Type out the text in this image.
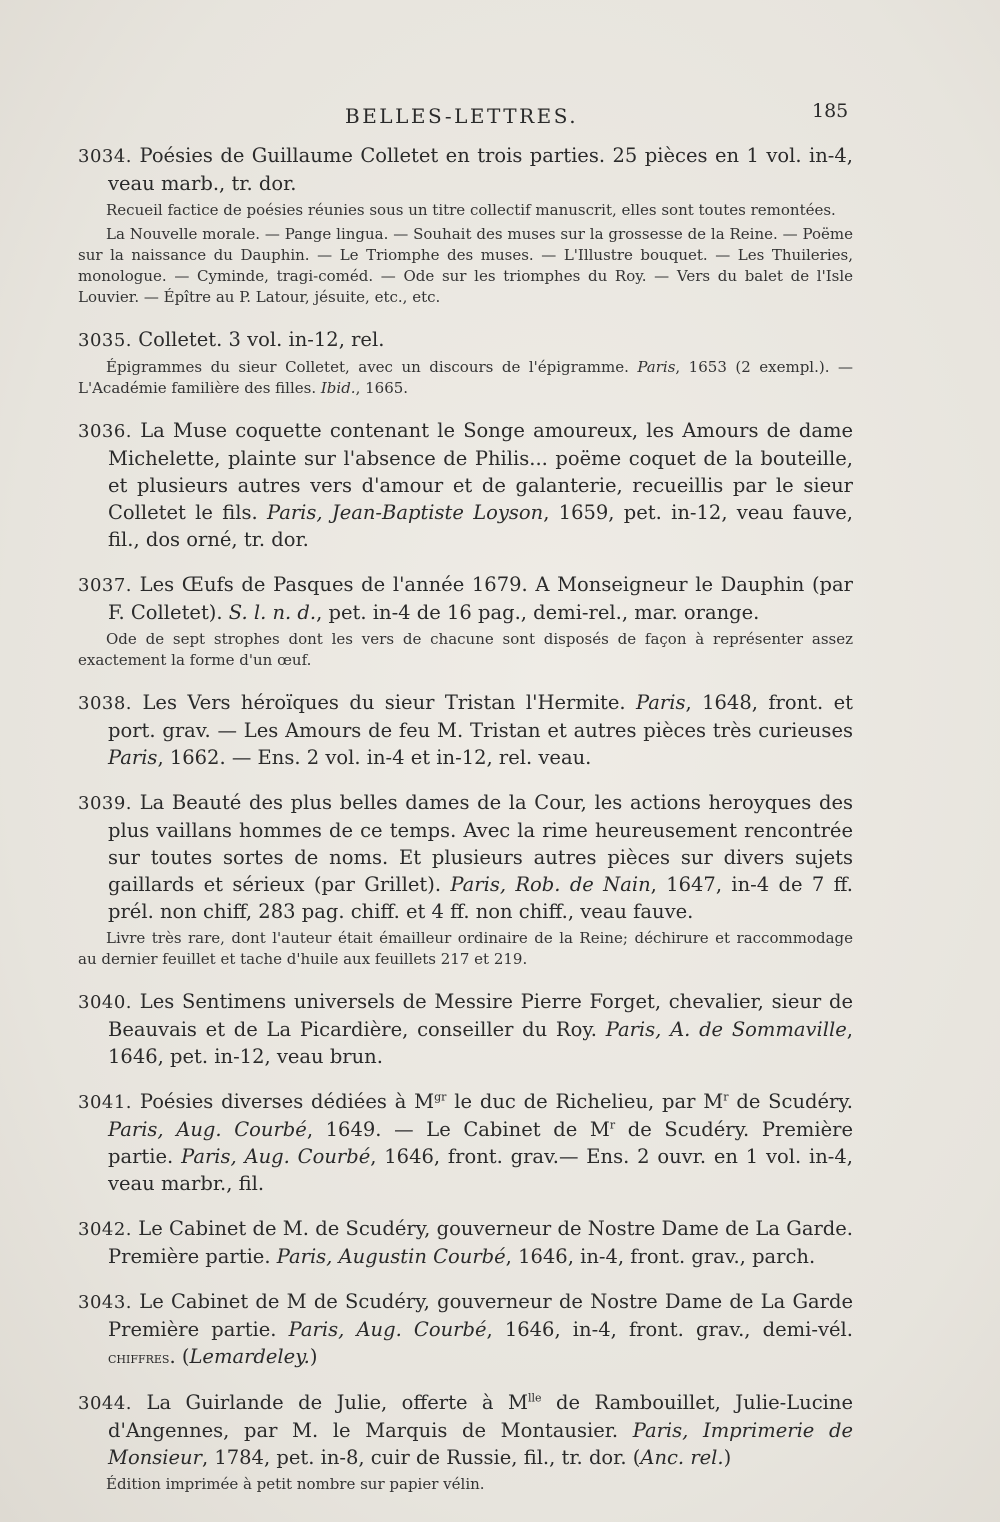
BELLES-LETTRES.	185
3034. Poésies de Guillaume Colletet en trois parties. 25 pièces en 1 vol. in-4, veau marb., tr. dor.
Recueil factice de poésies réunies sous un titre collectif manuscrit, elles sont toutes remontées.
La Nouvelle morale. — Pange lingua. — Souhait des muses sur la grossesse de la Reine. — Poëme sur la naissance du Dauphin. — Le Triomphe des muses. — L'Illustre bouquet. — Les Thuileries, monologue. — Cyminde, tragi-coméd. — Ode sur les triomphes du Roy. — Vers du balet de l'Isle Louvier. — Épître au P. Latour, jésuite, etc., etc.
3035. Colletet. 3 vol. in-12, rel.
Épigrammes du sieur Colletet, avec un discours de l'épigramme. Paris, 1653 (2 exempl.). — L'Académie familière des filles. Ibid., 1665.
3036. La Muse coquette contenant le Songe amoureux, les Amours de dame Michelette, plainte sur l'absence de Philis... poëme coquet de la bouteille, et plusieurs autres vers d'amour et de galanterie, recueillis par le sieur Colletet le fils. Paris, Jean-Baptiste Loyson, 1659, pet. in-12, veau fauve, fil., dos orné, tr. dor.
3037. Les Œufs de Pasques de l'année 1679. A Monseigneur le Dauphin (par F. Colletet). S. l. n. d., pet. in-4 de 16 pag., demi-rel., mar. orange.
Ode de sept strophes dont les vers de chacune sont disposés de façon à représenter assez exactement la forme d'un œuf.
3038. Les Vers héroïques du sieur Tristan l'Hermite. Paris, 1648, front. et port. grav. — Les Amours de feu M. Tristan et autres pièces très curieuses Paris, 1662. — Ens. 2 vol. in-4 et in-12, rel. veau.
3039. La Beauté des plus belles dames de la Cour, les actions heroyques des plus vaillans hommes de ce temps. Avec la rime heureusement rencontrée sur toutes sortes de noms. Et plusieurs autres pièces sur divers sujets gaillards et sérieux (par Grillet). Paris, Rob. de Nain, 1647, in-4 de 7 ff. prél. non chiff, 283 pag. chiff. et 4 ff. non chiff., veau fauve.
Livre très rare, dont l'auteur était émailleur ordinaire de la Reine; déchirure et raccommodage au dernier feuillet et tache d'huile aux feuillets 217 et 219.
3040. Les Sentimens universels de Messire Pierre Forget, chevalier, sieur de Beauvais et de La Picardière, conseiller du Roy. Paris, A. de Sommaville, 1646, pet. in-12, veau brun.
3041. Poésies diverses dédiées à $M^{gr}$ le duc de Richelieu, par $M^r$ de Scudéry. Paris, Aug. Courbé, 1649. — Le Cabinet de $M^r$ de Scudéry. Première partie. Paris, Aug. Courbé, 1646, front. grav.— Ens. 2 ouvr. en 1 vol. in-4, veau marbr., fil.
3042. Le Cabinet de M. de Scudéry, gouverneur de Nostre Dame de La Garde. Première partie. Paris, Augustin Courbé, 1646, in-4, front. grav., parch.
3043. Le Cabinet de M de Scudéry, gouverneur de Nostre Dame de La Garde Première partie. Paris, Aug. Courbé, 1646, in-4, front. grav., demi-vél. chiffres. (Lemardeley.)
3044. La Guirlande de Julie, offerte à $M^{lle}$ de Rambouillet, Julie-Lucine d'Angennes, par M. le Marquis de Montausier. Paris, Imprimerie de Monsieur, 1784, pet. in-8, cuir de Russie, fil., tr. dor. (Anc. rel.)
Édition imprimée à petit nombre sur papier vélin.
